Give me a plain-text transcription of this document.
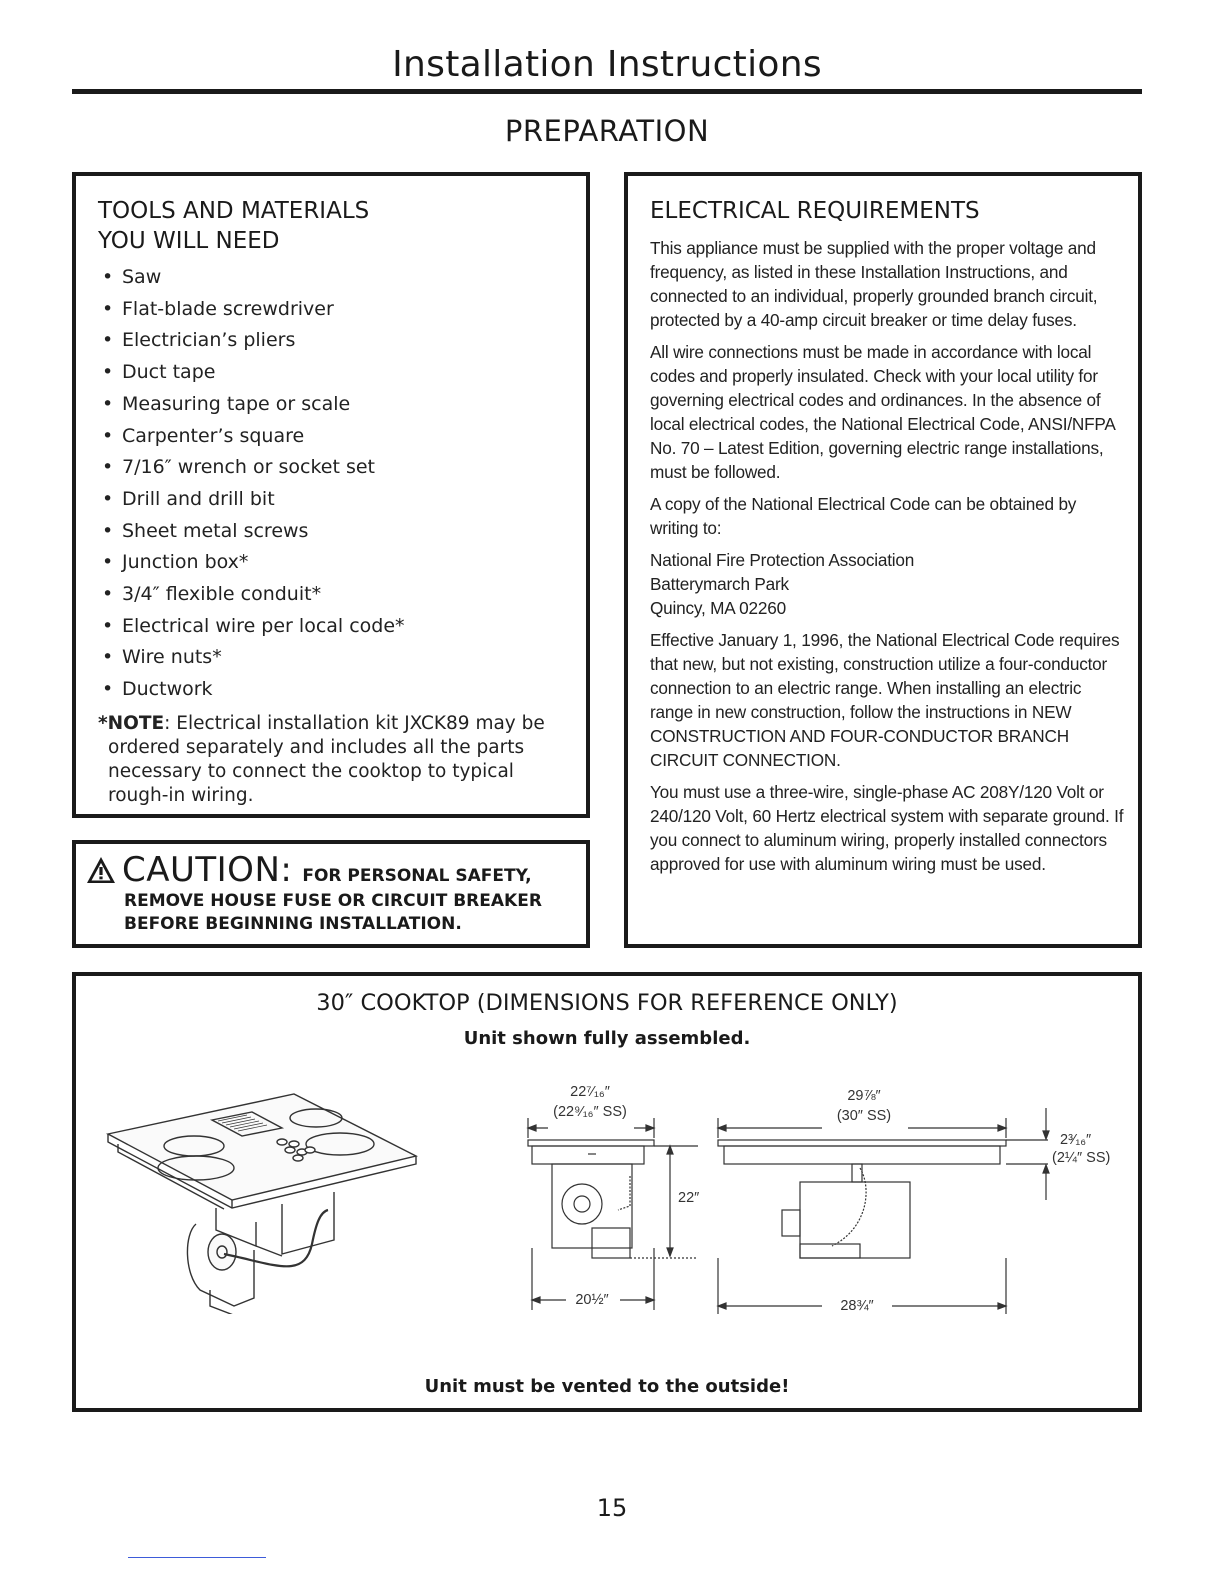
Installation Instructions
PREPARATION
TOOLS AND MATERIALS
YOU WILL NEED
• Saw
• Flat-blade screwdriver
• Electrician’s pliers
• Duct tape
• Measuring tape or scale
• Carpenter’s square
• 7/16″ wrench or socket set
• Drill and drill bit
• Sheet metal screws
• Junction box*
• 3/4″ flexible conduit*
• Electrical wire per local code*
• Wire nuts*
• Ductwork
*NOTE: Electrical installation kit JXCK89 may be ordered separately and includes all the parts necessary to connect the cooktop to typical rough-in wiring.
CAUTION: FOR PERSONAL SAFETY,
REMOVE HOUSE FUSE OR CIRCUIT BREAKER
BEFORE BEGINNING INSTALLATION.
ELECTRICAL REQUIREMENTS

This appliance must be supplied with the proper voltage and frequency, as listed in these Installation Instructions, and connected to an individual, properly grounded branch circuit, protected by a 40-amp circuit breaker or time delay fuses.

All wire connections must be made in accordance with local codes and properly insulated. Check with your local utility for governing electrical codes and ordinances. In the absence of local electrical codes, the National Electrical Code, ANSI/NFPA No. 70 – Latest Edition, governing electric range installations, must be followed.

A copy of the National Electrical Code can be obtained by writing to:

National Fire Protection Association
Batterymarch Park
Quincy, MA 02260

Effective January 1, 1996, the National Electrical Code requires that new, but not existing, construction utilize a four-conductor connection to an electric range. When installing an electric range in new construction, follow the instructions in NEW CONSTRUCTION AND FOUR-CONDUCTOR BRANCH CIRCUIT CONNECTION.

You must use a three-wire, single-phase AC 208Y/120 Volt or 240/120 Volt, 60 Hertz electrical system with separate ground. If you connect to aluminum wiring, properly installed connectors approved for use with aluminum wiring must be used.

30″ COOKTOP (DIMENSIONS FOR REFERENCE ONLY)
Unit shown fully assembled.
22⁷⁄₁₆″
(22⁹⁄₁₆″ SS)
22″
20½″
29⅞″
(30″ SS)
2³⁄₁₆″
(2¼″ SS)
28¾″
Unit must be vented to the outside!
15
